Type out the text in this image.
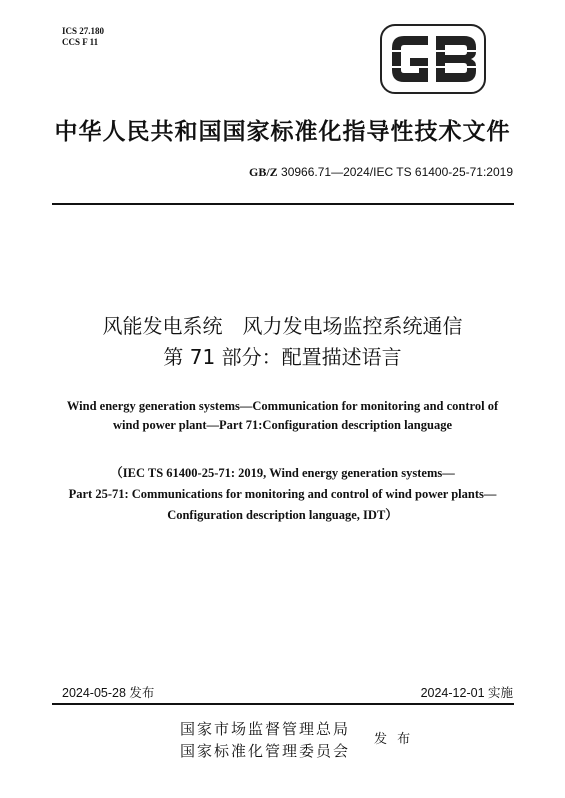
ICS 27.180
CCS F 11
中华人民共和国国家标准化指导性技术文件
GB/Z 30966.71—2024/IEC TS 61400-25-71:2019
风能发电系统　风力发电场监控系统通信
第 71 部分：配置描述语言
Wind energy generation systems—Communication for monitoring and control of
wind power plant—Part 71:Configuration description language
（IEC TS 61400-25-71: 2019, Wind energy generation systems—
Part 25-71: Communications for monitoring and control of wind power plants—
Configuration description language, IDT）
2024-05-28 发布	2024-12-01 实施
国家市场监督管理总局
国家标准化管理委员会
发 布
